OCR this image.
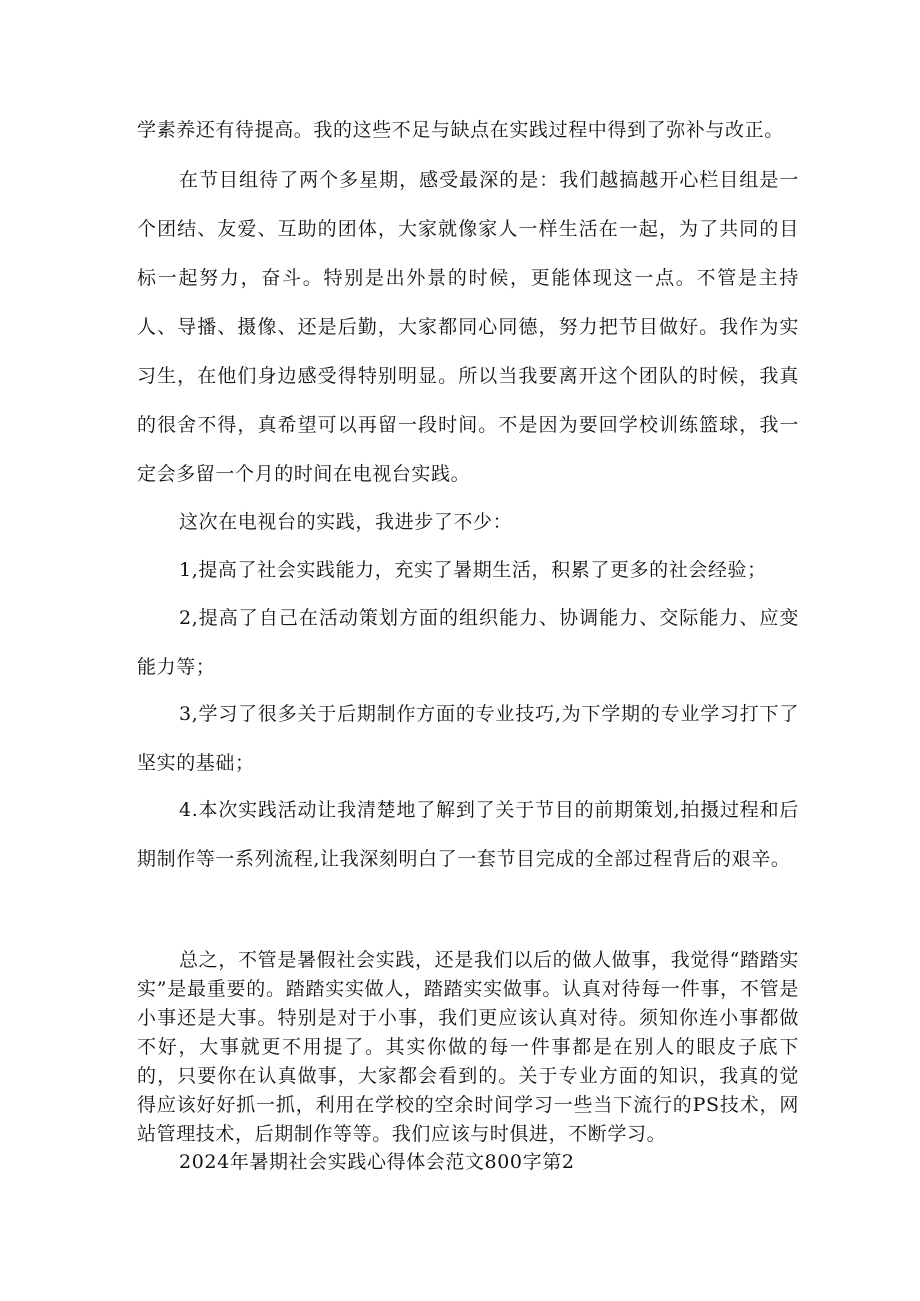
学素养还有待提高。我的这些不足与缺点在实践过程中得到了弥补与改正。

在节目组待了两个多星期，感受最深的是：我们越搞越开心栏目组是一个团结、友爱、互助的团体，大家就像家人一样生活在一起，为了共同的目标一起努力，奋斗。特别是出外景的时候，更能体现这一点。不管是主持人、导播、摄像、还是后勤，大家都同心同德，努力把节目做好。我作为实习生，在他们身边感受得特别明显。所以当我要离开这个团队的时候，我真的很舍不得，真希望可以再留一段时间。不是因为要回学校训练篮球，我一定会多留一个月的时间在电视台实践。

这次在电视台的实践，我进步了不少：

1,提高了社会实践能力，充实了暑期生活，积累了更多的社会经验；

2,提高了自己在活动策划方面的组织能力、协调能力、交际能力、应变能力等；

3,学习了很多关于后期制作方面的专业技巧,为下学期的专业学习打下了坚实的基础；

4.本次实践活动让我清楚地了解到了关于节目的前期策划,拍摄过程和后期制作等一系列流程,让我深刻明白了一套节目完成的全部过程背后的艰辛。

总之，不管是暑假社会实践，还是我们以后的做人做事，我觉得“踏踏实实”是最重要的。踏踏实实做人，踏踏实实做事。认真对待每一件事，不管是小事还是大事。特别是对于小事，我们更应该认真对待。须知你连小事都做不好，大事就更不用提了。其实你做的每一件事都是在别人的眼皮子底下的，只要你在认真做事，大家都会看到的。关于专业方面的知识，我真的觉得应该好好抓一抓，利用在学校的空余时间学习一些当下流行的PS技术，网站管理技术，后期制作等等。我们应该与时俱进，不断学习。

2024年暑期社会实践心得体会范文800字第2
